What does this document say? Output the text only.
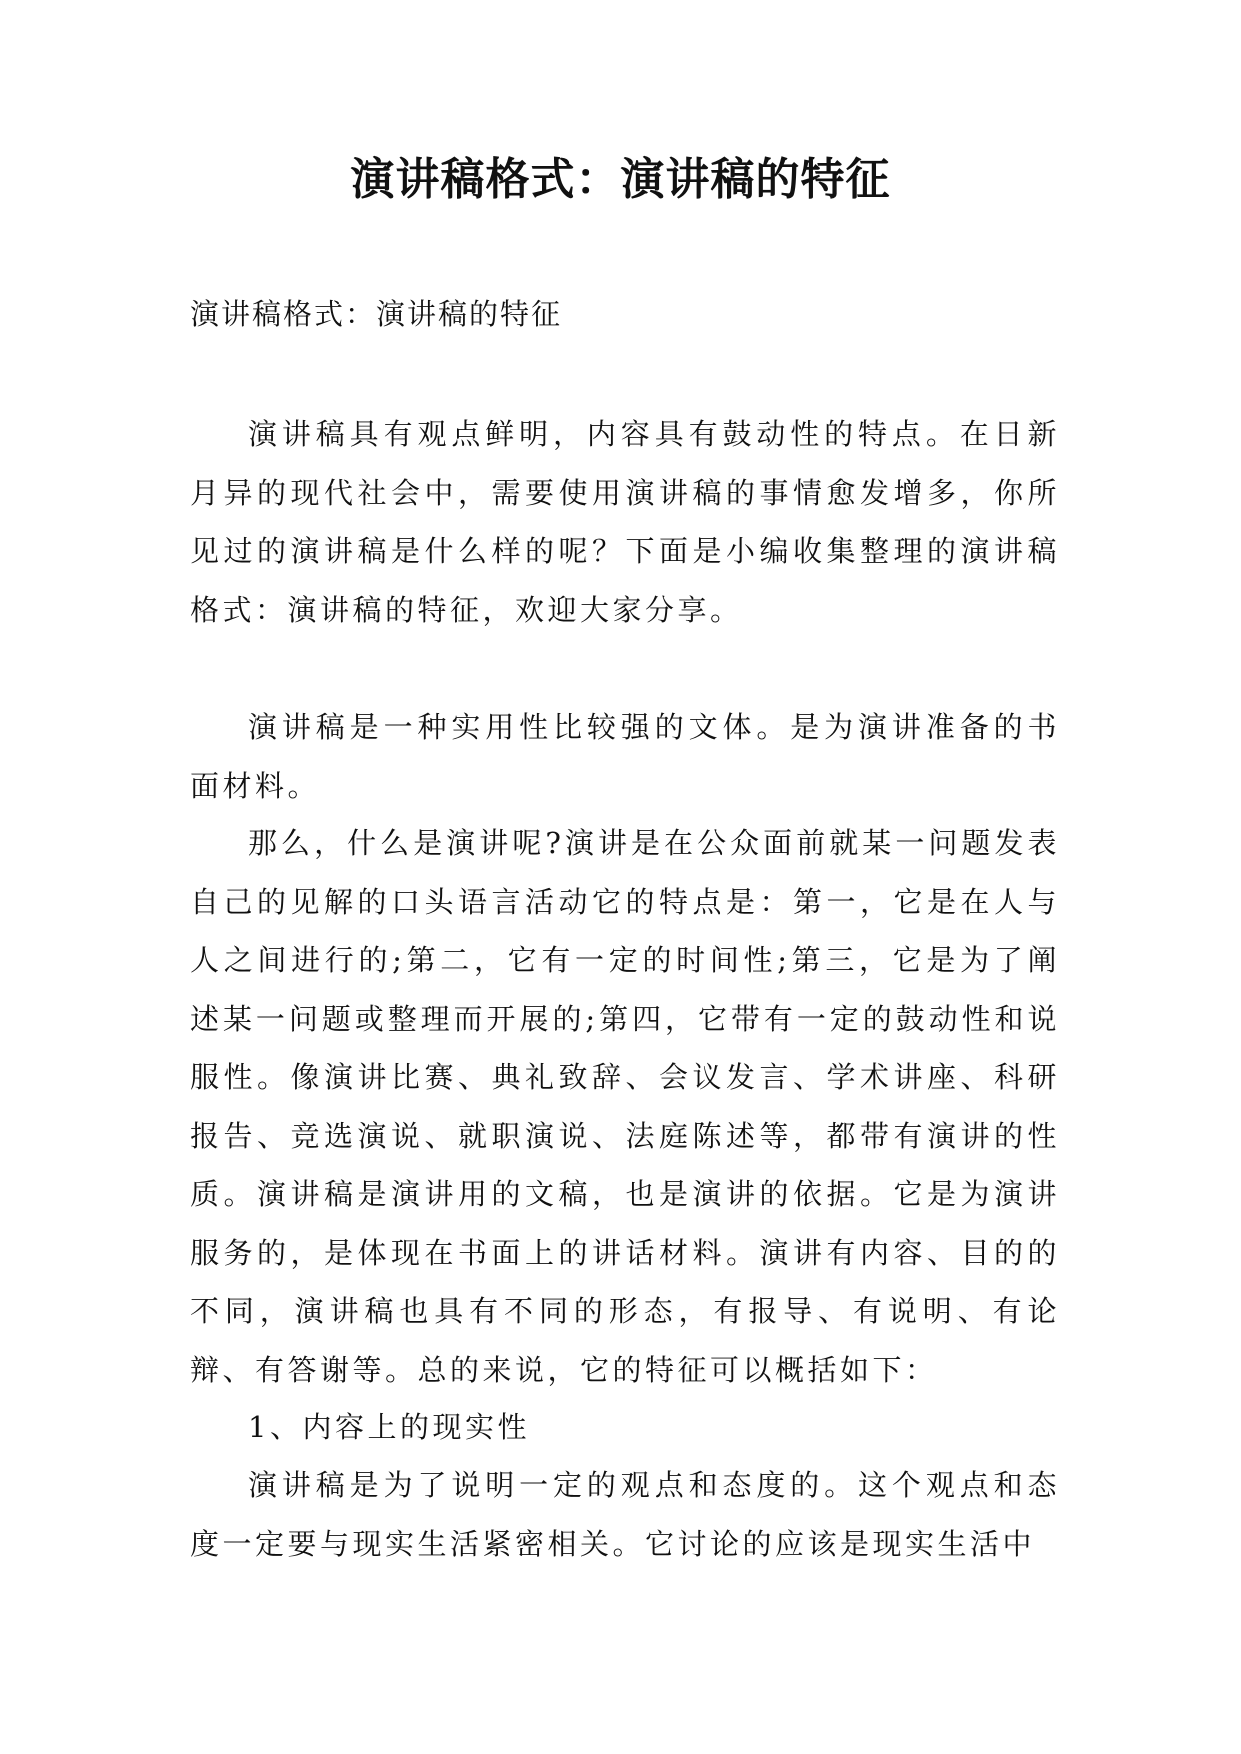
演讲稿格式：演讲稿的特征

演讲稿格式：演讲稿的特征

演讲稿具有观点鲜明，内容具有鼓动性的特点。在日新月异的现代社会中，需要使用演讲稿的事情愈发增多，你所见过的演讲稿是什么样的呢？下面是小编收集整理的演讲稿格式：演讲稿的特征，欢迎大家分享。

演讲稿是一种实用性比较强的文体。是为演讲准备的书面材料。

那么，什么是演讲呢?演讲是在公众面前就某一问题发表自己的见解的口头语言活动它的特点是：第一，它是在人与人之间进行的;第二，它有一定的时间性;第三，它是为了阐述某一问题或整理而开展的;第四，它带有一定的鼓动性和说服性。像演讲比赛、典礼致辞、会议发言、学术讲座、科研报告、竞选演说、就职演说、法庭陈述等，都带有演讲的性质。演讲稿是演讲用的文稿，也是演讲的依据。它是为演讲服务的，是体现在书面上的讲话材料。演讲有内容、目的的不同，演讲稿也具有不同的形态，有报导、有说明、有论辩、有答谢等。总的来说，它的特征可以概括如下：

1、内容上的现实性

演讲稿是为了说明一定的观点和态度的。这个观点和态度一定要与现实生活紧密相关。它讨论的应该是现实生活中
